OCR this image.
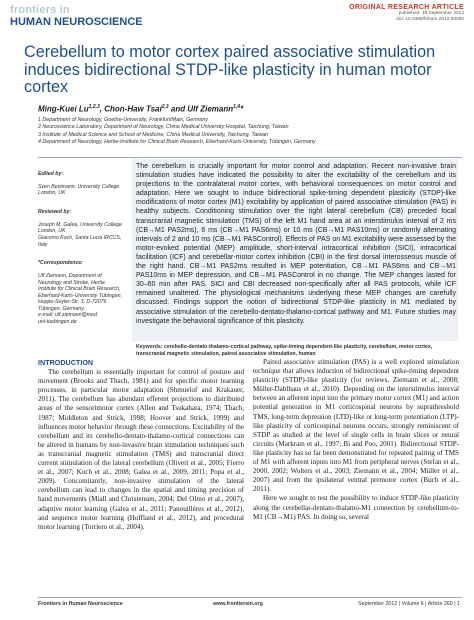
frontiers in
HUMAN NEUROSCIENCE
ORIGINAL RESEARCH ARTICLE
published: 19 September 2012
doi: 10.3389/fnhum.2012.00260
Cerebellum to motor cortex paired associative stimulation induces bidirectional STDP-like plasticity in human motor cortex
Ming-Kuei Lu$^{1,2,3}$, Chon-Haw Tsai$^{2,3}$ and Ulf Ziemann$^{1,4}$*
1 Department of Neurology, Goethe-University, Frankfurt/Main, Germany
2 Neuroscience Laboratory, Department of Neurology, China Medical University Hospital, Taichung, Taiwan
3 Institute of Medical Science and School of Medicine, China Medical University, Taichung, Taiwan
4 Department of Neurology, Hertie-Institute for Clinical Brain Research, Eberhard-Karls-University, Tübingen, Germany

Edited by:

Sven Bestmann, University College
London, UK

Reviewed by:

Joseph M. Galea, University College
London, UK
Giacomo Koch, Santa Lucia IRCCS,
Italy

*Correspondence:

Ulf Ziemann, Department of
Neurology and Stroke, Hertie
Institute for Clinical Brain Research,
Eberhard-Karls-University Tübingen,
Hoppe-Seyler-Str. 3, D-72076
Tübingen, Germany.
e-mail: ulf.ziemann@med.
uni-tuebingen.de

The cerebellum is crucially important for motor control and adaptation. Recent non-invasive brain stimulation studies have indicated the possibility to alter the excitability of the cerebellum and its projections to the contralateral motor cortex, with behavioral consequences on motor control and adaptation. Here we sought to induce bidirectional spike-timing dependent plasticity (STDP)-like modifications of motor cortex (M1) excitability by application of paired associative stimulation (PAS) in healthy subjects. Conditioning stimulation over the right lateral cerebellum (CB) preceded focal transcranial magnetic stimulation (TMS) of the left M1 hand area at an interstimulus interval of 2 ms (CB→M1 PAS2ms), 6 ms (CB→M1 PAS6ms) or 10 ms (CB→M1 PAS10ms) or randomly alternating intervals of 2 and 10 ms (CB→M1 PASControl). Effects of PAS on M1 excitability were assessed by the motor-evoked potential (MEP) amplitude, short-interval intracortical inhibition (SICI), intracortical facilitation (ICF) and cerebellar-motor cortex inhibition (CBI) in the first dorsal interosseous muscle of the right hand. CB→M1 PAS2ms resulted in MEP potentiation, CB→M1 PAS6ms and CB→M1 PAS10ms in MEP depression, and CB→M1 PASControl in no change. The MEP changes lasted for 30–60 min after PAS. SICI and CBI decreased non-specifically after all PAS protocols, while ICF remained unaltered. The physiological mechanisms underlying these MEP changes are carefully discussed. Findings support the notion of bidirectional STDP-like plasticity in M1 mediated by associative stimulation of the cerebello-dentato-thalamo-cortical pathway and M1. Future studies may investigate the behavioral significance of this plasticity.
Keywords: cerebello-dentato-thalamo-cortical pathway, spike-timing dependent-like plasticity, cerebellum, motor cortex, transcranial magnetic stimulation, paired associative stimulation, human
INTRODUCTION
The cerebellum is essentially important for control of posture and movement (Brooks and Thach, 1981) and for specific motor learning processes, in particular motor adaptation (Shmuelof and Krakauer, 2011). The cerebellum has abundant efferent projections to distributed areas of the sensorimotor cortex (Allen and Tsukahara, 1974; Thach, 1987; Middleton and Strick, 1998; Hoover and Strick, 1999) and influences motor behavior through these connections. Excitability of the cerebellum and its cerebello-dentato-thalamo-cortical connections can be altered in humans by non-invasive brain stimulation techniques such as transcranial magnetic stimulation (TMS) and transcranial direct current stimulation of the lateral cerebellum (Oliveri et al., 2005; Fierro et al., 2007; Koch et al., 2008; Galea et al., 2009, 2011; Popa et al., 2009). Concomitantly, non-invasive stimulation of the lateral cerebellum can lead to changes in the spatial and timing precision of hand movements (Miall and Christensen, 2004; Del Olmo et al., 2007), adaptive motor learning (Galea et al., 2011; Panouillères et al., 2012), and sequence motor learning (Hoffland et al., 2012), and procedural motor learning (Torriero et al., 2004).
Paired associative stimulation (PAS) is a well explored stimulation technique that allows induction of bidirectional spike-timing dependent plasticity (STDP)-like plasticity (for reviews, Ziemann et al., 2008; Müller-Dahlhaus et al., 2010). Depending on the interstimulus interval between an afferent input into the primary motor cortex (M1) and action potential generation in M1 corticospinal neurons by suprathreshold TMS, long-term depression (LTD)-like or long-term potentiation (LTP)-like plasticity of corticospinal neurons occurs, strongly reminiscent of STDP as studied at the level of single cells in brain slices or neural circuits (Markram et al., 1997; Bi and Poo, 2001). Bidirectional STDP-like plasticity has so far been demonstrated for repeated pairing of TMS of M1 with afferent inputs into M1 from peripheral nerves (Stefan et al., 2000, 2002; Wolters et al., 2003; Ziemann et al., 2004; Müller et al., 2007) and from the ipsilateral ventral premotor cortex (Buch et al., 2011).
Here we sought to test the possibility to induce STDP-like plasticity along the cerebellar-dentato-thalamo-M1 connection by cerebellum-to-M1 (CB→M1) PAS. In doing so, several
Frontiers in Human Neuroscience	www.frontiersin.org	September 2012 | Volume 6 | Article 260 | 1
